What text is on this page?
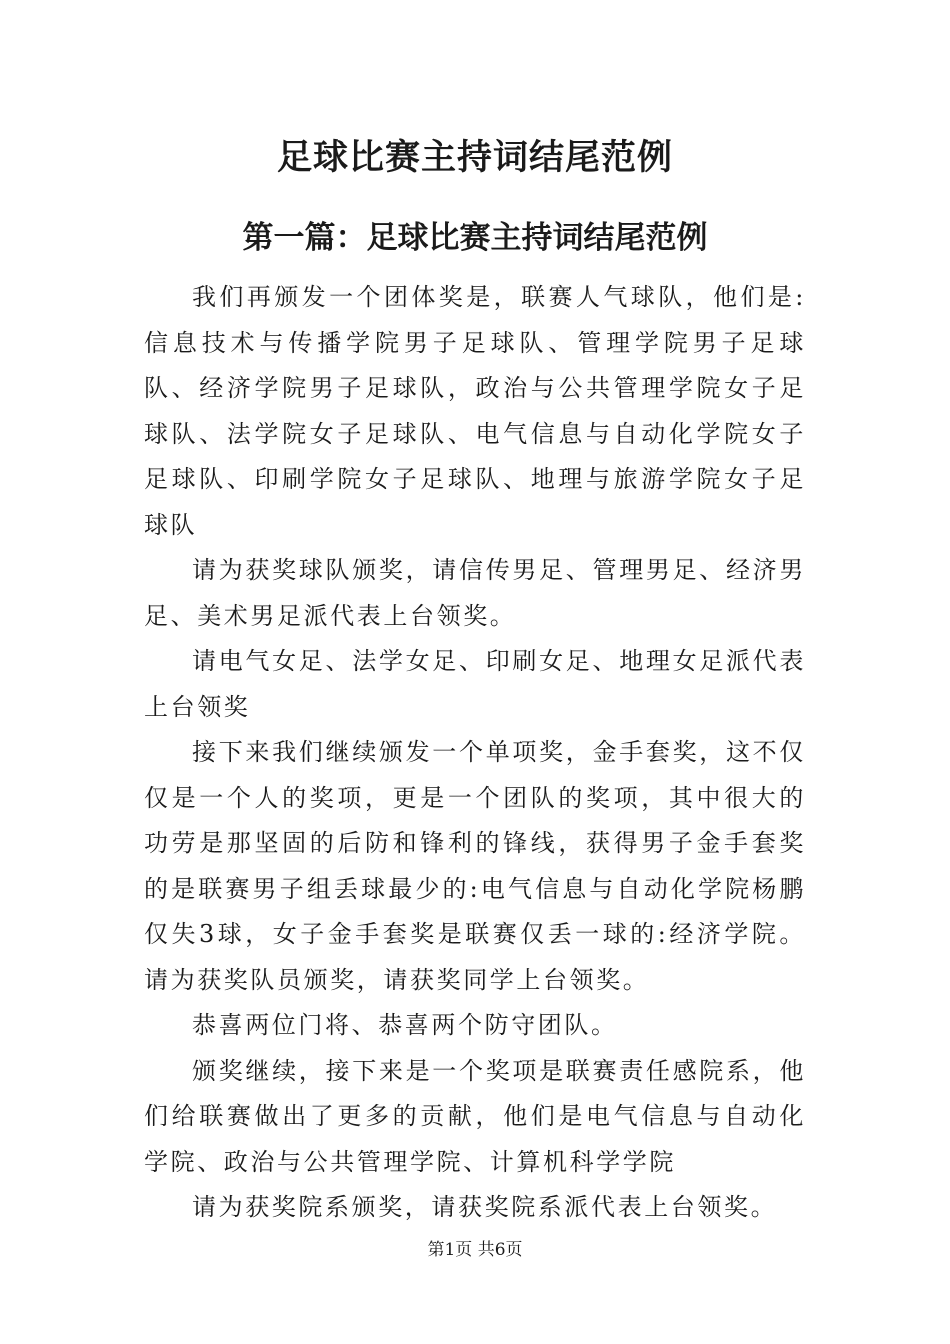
足球比赛主持词结尾范例
第一篇：足球比赛主持词结尾范例

我们再颁发一个团体奖是，联赛人气球队，他们是:信息技术与传播学院男子足球队、管理学院男子足球队、经济学院男子足球队，政治与公共管理学院女子足球队、法学院女子足球队、电气信息与自动化学院女子足球队、印刷学院女子足球队、地理与旅游学院女子足球队

请为获奖球队颁奖，请信传男足、管理男足、经济男足、美术男足派代表上台领奖。

请电气女足、法学女足、印刷女足、地理女足派代表上台领奖

接下来我们继续颁发一个单项奖，金手套奖，这不仅仅是一个人的奖项，更是一个团队的奖项，其中很大的功劳是那坚固的后防和锋利的锋线，获得男子金手套奖的是联赛男子组丢球最少的:电气信息与自动化学院杨鹏仅失3球，女子金手套奖是联赛仅丢一球的:经济学院。请为获奖队员颁奖，请获奖同学上台领奖。

恭喜两位门将、恭喜两个防守团队。

颁奖继续，接下来是一个奖项是联赛责任感院系，他们给联赛做出了更多的贡献，他们是电气信息与自动化学院、政治与公共管理学院、计算机科学学院

请为获奖院系颁奖，请获奖院系派代表上台领奖。

第1页 共6页
